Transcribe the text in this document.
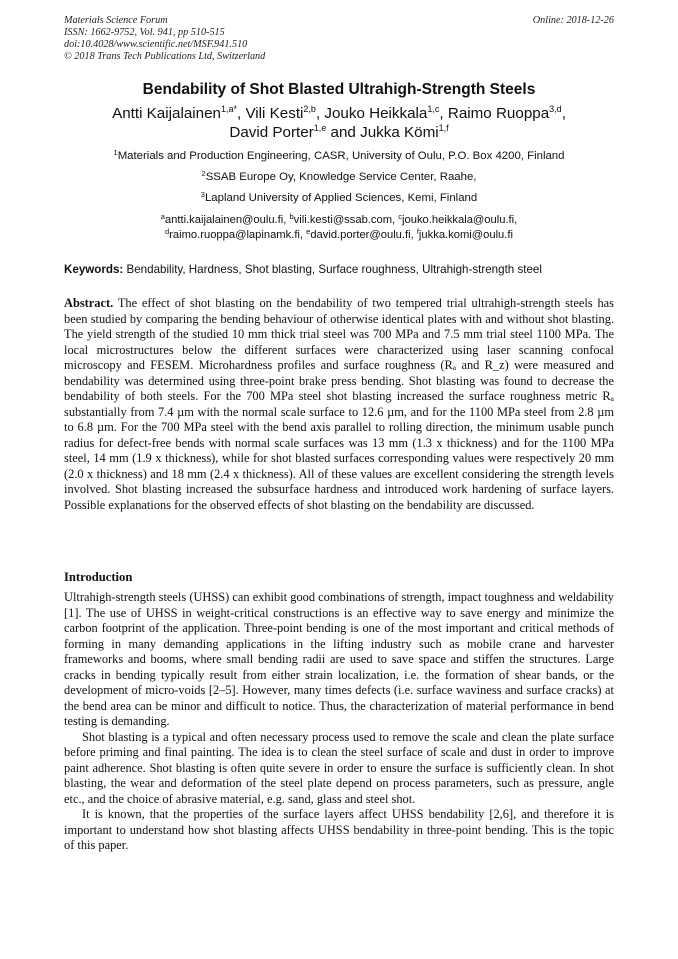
Materials Science Forum
ISSN: 1662-9752, Vol. 941, pp 510-515
doi:10.4028/www.scientific.net/MSF.941.510
© 2018 Trans Tech Publications Ltd, Switzerland
Online: 2018-12-26
Bendability of Shot Blasted Ultrahigh-Strength Steels
Antti Kaijalainen$^{1,a*}$, Vili Kesti$^{2,b}$, Jouko Heikkala$^{1,c}$, Raimo Ruoppa$^{3,d}$,
David Porter$^{1,e}$ and Jukka Kömi$^{1,f}$
$^1$Materials and Production Engineering, CASR, University of Oulu, P.O. Box 4200, Finland
$^2$SSAB Europe Oy, Knowledge Service Center, Raahe,
$^3$Lapland University of Applied Sciences, Kemi, Finland
$^a$antti.kaijalainen@oulu.fi, $^b$vili.kesti@ssab.com, $^c$jouko.heikkala@oulu.fi,
$^d$raimo.ruoppa@lapinamk.fi, $^e$david.porter@oulu.fi, $^f$jukka.komi@oulu.fi
Keywords: Bendability, Hardness, Shot blasting, Surface roughness, Ultrahigh-strength steel
Abstract. The effect of shot blasting on the bendability of two tempered trial ultrahigh-strength steels has been studied by comparing the bending behaviour of otherwise identical plates with and without shot blasting. The yield strength of the studied 10 mm thick trial steel was 700 MPa and 7.5 mm trial steel 1100 MPa. The local microstructures below the different surfaces were characterized using laser scanning confocal microscopy and FESEM. Microhardness profiles and surface roughness (Rₐ and R_z) were measured and bendability was determined using three-point brake press bending. Shot blasting was found to decrease the bendability of both steels. For the 700 MPa steel shot blasting increased the surface roughness metric Rₐ substantially from 7.4 µm with the normal scale surface to 12.6 µm, and for the 1100 MPa steel from 2.8 µm to 6.8 µm. For the 700 MPa steel with the bend axis parallel to rolling direction, the minimum usable punch radius for defect-free bends with normal scale surfaces was 13 mm (1.3 x thickness) and for the 1100 MPa steel, 14 mm (1.9 x thickness), while for shot blasted surfaces corresponding values were respectively 20 mm (2.0 x thickness) and 18 mm (2.4 x thickness). All of these values are excellent considering the strength levels involved. Shot blasting increased the subsurface hardness and introduced work hardening of surface layers. Possible explanations for the observed effects of shot blasting on the bendability are discussed.
Introduction

Ultrahigh-strength steels (UHSS) can exhibit good combinations of strength, impact toughness and weldability [1]. The use of UHSS in weight-critical constructions is an effective way to save energy and minimize the carbon footprint of the application. Three-point bending is one of the most important and critical methods of forming in many demanding applications in the lifting industry such as mobile crane and harvester frameworks and booms, where small bending radii are used to save space and stiffen the structures. Large cracks in bending typically result from either strain localization, i.e. the formation of shear bands, or the development of micro-voids [2–5]. However, many times defects (i.e. surface waviness and surface cracks) at the bend area can be minor and difficult to notice. Thus, the characterization of material performance in bend testing is demanding.

Shot blasting is a typical and often necessary process used to remove the scale and clean the plate surface before priming and final painting. The idea is to clean the steel surface of scale and dust in order to improve paint adherence. Shot blasting is often quite severe in order to ensure the surface is sufficiently clean. In shot blasting, the wear and deformation of the steel plate depend on process parameters, such as pressure, angle etc., and the choice of abrasive material, e.g. sand, glass and steel shot.

It is known, that the properties of the surface layers affect UHSS bendability [2,6], and therefore it is important to understand how shot blasting affects UHSS bendability in three-point bending. This is the topic of this paper.
